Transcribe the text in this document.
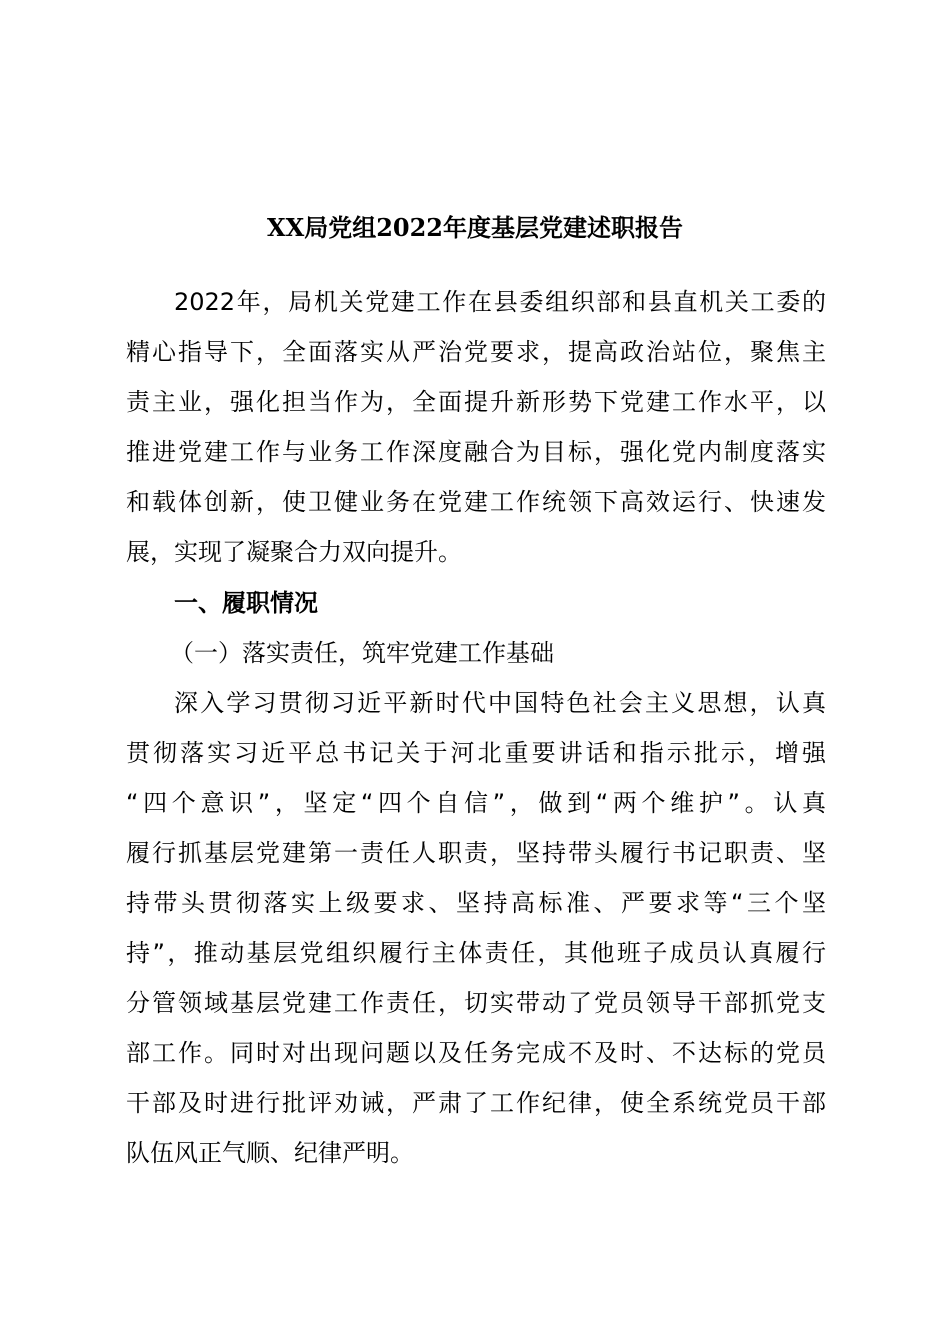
XX局党组2022年度基层党建述职报告
2022年，局机关党建工作在县委组织部和县直机关工委的
精心指导下，全面落实从严治党要求，提高政治站位，聚焦主
责主业，强化担当作为，全面提升新形势下党建工作水平，以
推进党建工作与业务工作深度融合为目标，强化党内制度落实
和载体创新，使卫健业务在党建工作统领下高效运行、快速发
展，实现了凝聚合力双向提升。
一、履职情况
（一）落实责任，筑牢党建工作基础
深入学习贯彻习近平新时代中国特色社会主义思想，认真
贯彻落实习近平总书记关于河北重要讲话和指示批示，增强
“四个意识”，坚定“四个自信”，做到“两个维护”。认真
履行抓基层党建第一责任人职责，坚持带头履行书记职责、坚
持带头贯彻落实上级要求、坚持高标准、严要求等“三个坚
持”，推动基层党组织履行主体责任，其他班子成员认真履行
分管领域基层党建工作责任，切实带动了党员领导干部抓党支
部工作。同时对出现问题以及任务完成不及时、不达标的党员
干部及时进行批评劝诫，严肃了工作纪律，使全系统党员干部
队伍风正气顺、纪律严明。
